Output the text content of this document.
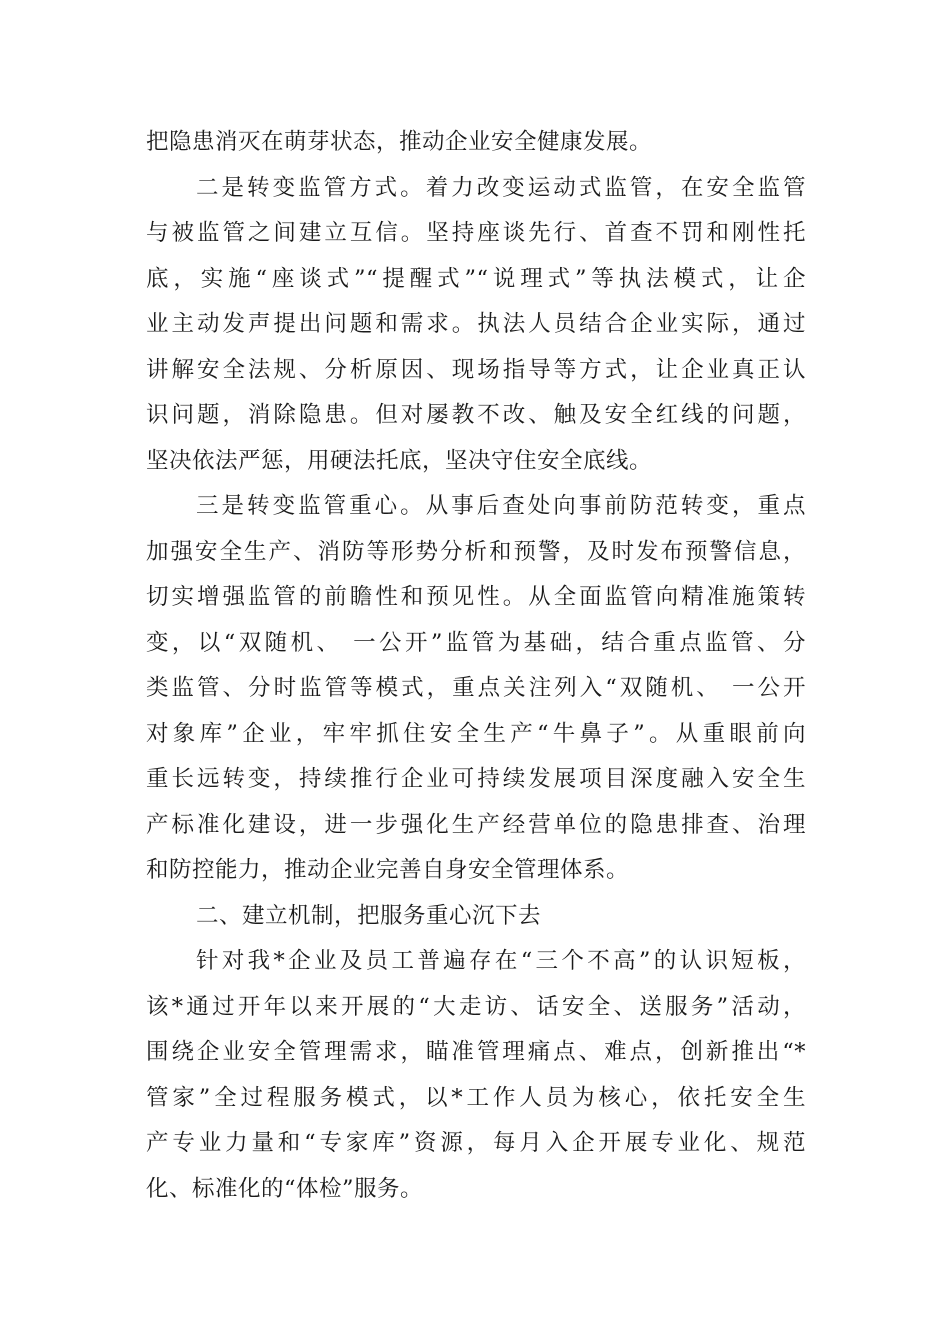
把隐患消灭在萌芽状态，推动企业安全健康发展。
二是转变监管方式。着力改变运动式监管，在安全监管
与被监管之间建立互信。坚持座谈先行、首查不罚和刚性托
底，实施“座谈式”“提醒式”“说理式”等执法模式，让企
业主动发声提出问题和需求。执法人员结合企业实际，通过
讲解安全法规、分析原因、现场指导等方式，让企业真正认
识问题，消除隐患。但对屡教不改、触及安全红线的问题，
坚决依法严惩，用硬法托底，坚决守住安全底线。
三是转变监管重心。从事后查处向事前防范转变，重点
加强安全生产、消防等形势分析和预警，及时发布预警信息，
切实增强监管的前瞻性和预见性。从全面监管向精准施策转
变，以“双随机、 一公开”监管为基础，结合重点监管、分
类监管、分时监管等模式，重点关注列入“双随机、 一公开
对象库”企业，牢牢抓住安全生产“牛鼻子”。从重眼前向
重长远转变，持续推行企业可持续发展项目深度融入安全生
产标准化建设，进一步强化生产经营单位的隐患排查、治理
和防控能力，推动企业完善自身安全管理体系。
二、建立机制，把服务重心沉下去
针对我*企业及员工普遍存在“三个不高”的认识短板，
该*通过开年以来开展的“大走访、话安全、送服务”活动，
围绕企业安全管理需求，瞄准管理痛点、难点，创新推出“*
管家”全过程服务模式，以*工作人员为核心，依托安全生
产专业力量和“专家库”资源，每月入企开展专业化、规范
化、标准化的“体检”服务。
